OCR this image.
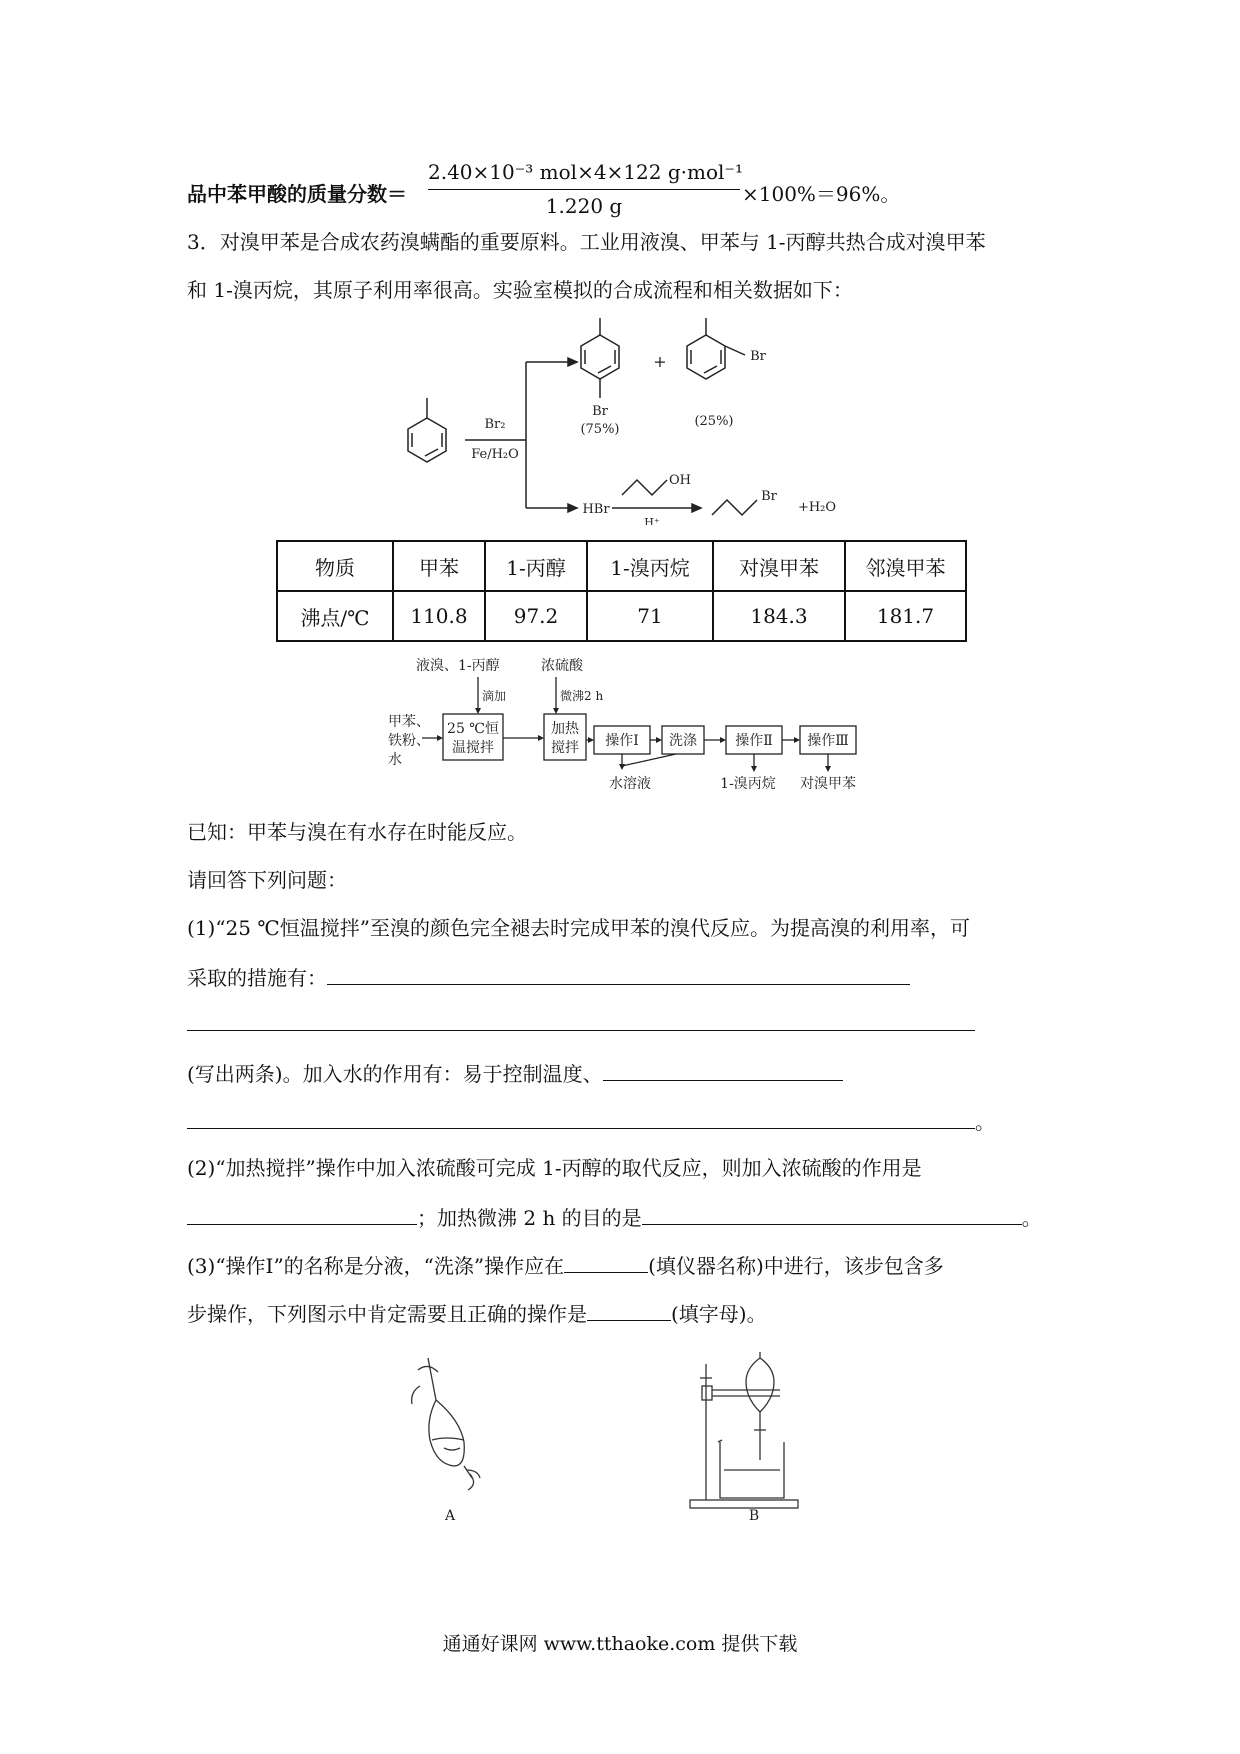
品中苯甲酸的质量分数＝
2.40×10⁻³ mol×4×122 g·mol⁻¹
1.220 g	×100%＝96%。
3．对溴甲苯是合成农药溴螨酯的重要原料。工业用液溴、甲苯与 1-丙醇共热合成对溴甲苯
和 1-溴丙烷，其原子利用率很高。实验室模拟的合成流程和相关数据如下：
Br₂
Fe/H₂O
Br
(75%)
+	Br
(25%)
HBr
OH
H⁺
Br
+H₂O
物质	甲苯	1-丙醇	1-溴丙烷	对溴甲苯	邻溴甲苯
沸点/℃	110.8	97.2	71	184.3	181.7
液溴、1-丙醇
滴加
浓硫酸
微沸2 h
甲苯、
铁粉、
水
25 ℃恒
温搅拌
加热
搅拌 操作Ⅰ 洗涤	操作Ⅱ 操作Ⅲ
水溶液	1-溴丙烷 对溴甲苯
已知：甲苯与溴在有水存在时能反应。
请回答下列问题：
(1)“25 ℃恒温搅拌”至溴的颜色完全褪去时完成甲苯的溴代反应。为提高溴的利用率，可
采取的措施有：
(写出两条)。加入水的作用有：易于控制温度、
。
(2)“加热搅拌”操作中加入浓硫酸可完成 1-丙醇的取代反应，则加入浓硫酸的作用是
；加热微沸 2 h 的目的是	。
(3)“操作Ⅰ”的名称是分液，“洗涤”操作应在	(填仪器名称)中进行，该步包含多
步操作，下列图示中肯定需要且正确的操作是	(填字母)。
A	B
通通好课网 www.tthaoke.com 提供下载
